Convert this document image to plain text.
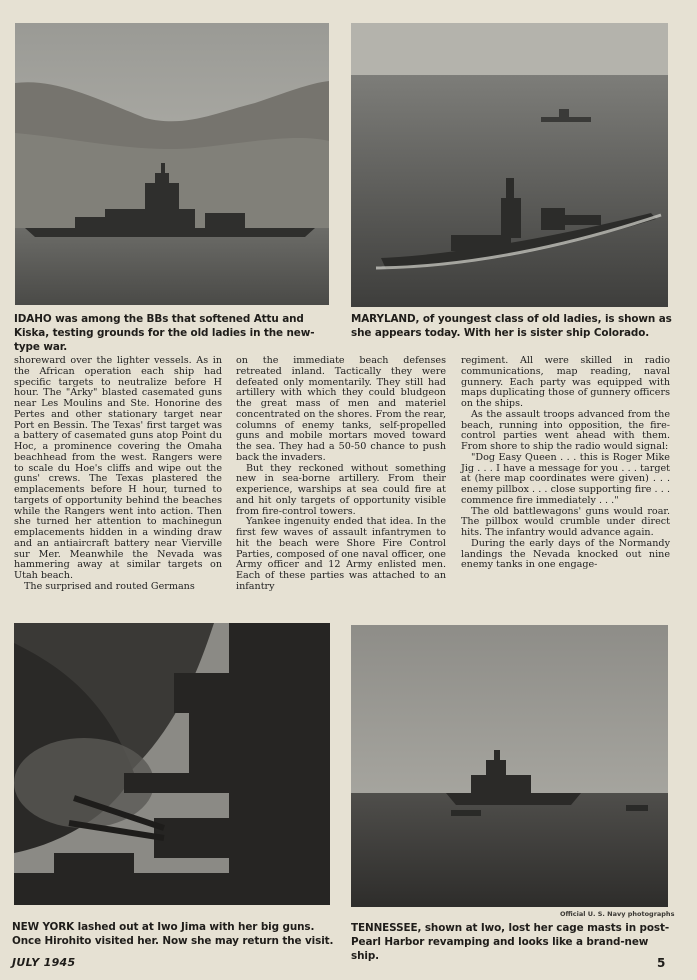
IDAHO was among the BBs that softened Attu and Kiska, testing grounds for the old ladies in the new-type war.
MARYLAND, of youngest class of old ladies, is shown as she appears today. With her is sister ship Colorado.
Official U. S. Navy photographs
NEW YORK lashed out at Iwo Jima with her big guns. Once Hirohito visited her. Now she may return the visit.
TENNESSEE, shown at Iwo, lost her cage masts in post-Pearl Harbor revamping and looks like a brand-new ship.

shoreward over the lighter vessels. As in the African operation each ship had specific targets to neutralize before H hour. The "Arky" blasted casemated guns near Les Moulins and Ste. Honorine des Pertes and other stationary target near Port en Bessin. The Texas' first target was a battery of casemated guns atop Point du Hoc, a prominence covering the Omaha beachhead from the west. Rangers were to scale du Hoe's cliffs and wipe out the guns' crews. The Texas plastered the emplacements before H hour, turned to targets of opportunity behind the beaches while the Rangers went into action. Then she turned her attention to machinegun emplacements hidden in a winding draw and an antiaircraft battery near Vierville sur Mer. Meanwhile the Nevada was hammering away at similar targets on Utah beach.

The surprised and routed Germans

on the immediate beach defenses retreated inland. Tactically they were defeated only momentarily. They still had artillery with which they could bludgeon the great mass of men and materiel concentrated on the shores. From the rear, columns of enemy tanks, self-propelled guns and mobile mortars moved toward the sea. They had a 50-50 chance to push back the invaders.

But they reckoned without something new in sea-borne artillery. From their experience, warships at sea could fire at and hit only targets of opportunity visible from fire-control towers.

Yankee ingenuity ended that idea. In the first few waves of assault infantrymen to hit the beach were Shore Fire Control Parties, composed of one naval officer, one Army officer and 12 Army enlisted men. Each of these parties was attached to an infantry

regiment. All were skilled in radio communications, map reading, naval gunnery. Each party was equipped with maps duplicating those of gunnery officers on the ships.

As the assault troops advanced from the beach, running into opposition, the fire-control parties went ahead with them. From shore to ship the radio would signal:

"Dog Easy Queen . . . this is Roger Mike Jig . . . I have a message for you . . . target at (here map coordinates were given) . . . enemy pillbox . . . close supporting fire . . . commence fire immediately . . ."

The old battlewagons' guns would roar. The pillbox would crumble under direct hits. The infantry would advance again.

During the early days of the Normandy landings the Nevada knocked out nine enemy tanks in one engage-

JULY 1945	5
